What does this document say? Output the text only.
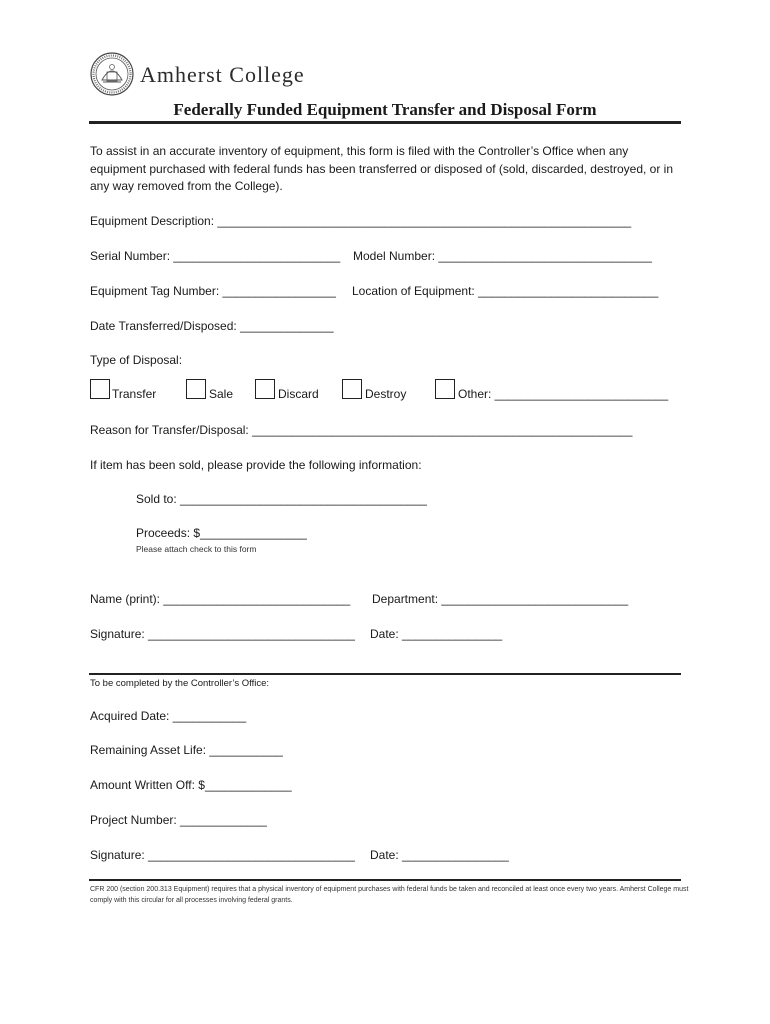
Amherst College
Federally Funded Equipment Transfer and Disposal Form
To assist in an accurate inventory of equipment, this form is filed with the Controller’s Office when any equipment purchased with federal funds has been transferred or disposed of (sold, discarded, destroyed, or in any way removed from the College).
Equipment Description: ______________________________________________________________
Serial Number: _________________________ Model Number: ________________________________
Equipment Tag Number: _________________ Location of Equipment: ___________________________
Date Transferred/Disposed: ______________
Type of Disposal:
Transfer	Sale	Discard	Destroy	Other: __________________________
Reason for Transfer/Disposal: _________________________________________________________
If item has been sold, please provide the following information:
Sold to: _____________________________________
Proceeds: $________________
Please attach check to this form
Name (print): ____________________________ Department: ____________________________
Signature: _______________________________ Date: _______________
To be completed by the Controller’s Office:
Acquired Date: ___________
Remaining Asset Life: ___________
Amount Written Off: $_____________
Project Number: _____________
Signature: _______________________________ Date: ________________
CFR 200 (section 200.313 Equipment) requires that a physical inventory of equipment purchases with federal funds be taken and reconciled at least once every two years. Amherst College must comply with this circular for all processes involving federal grants.
